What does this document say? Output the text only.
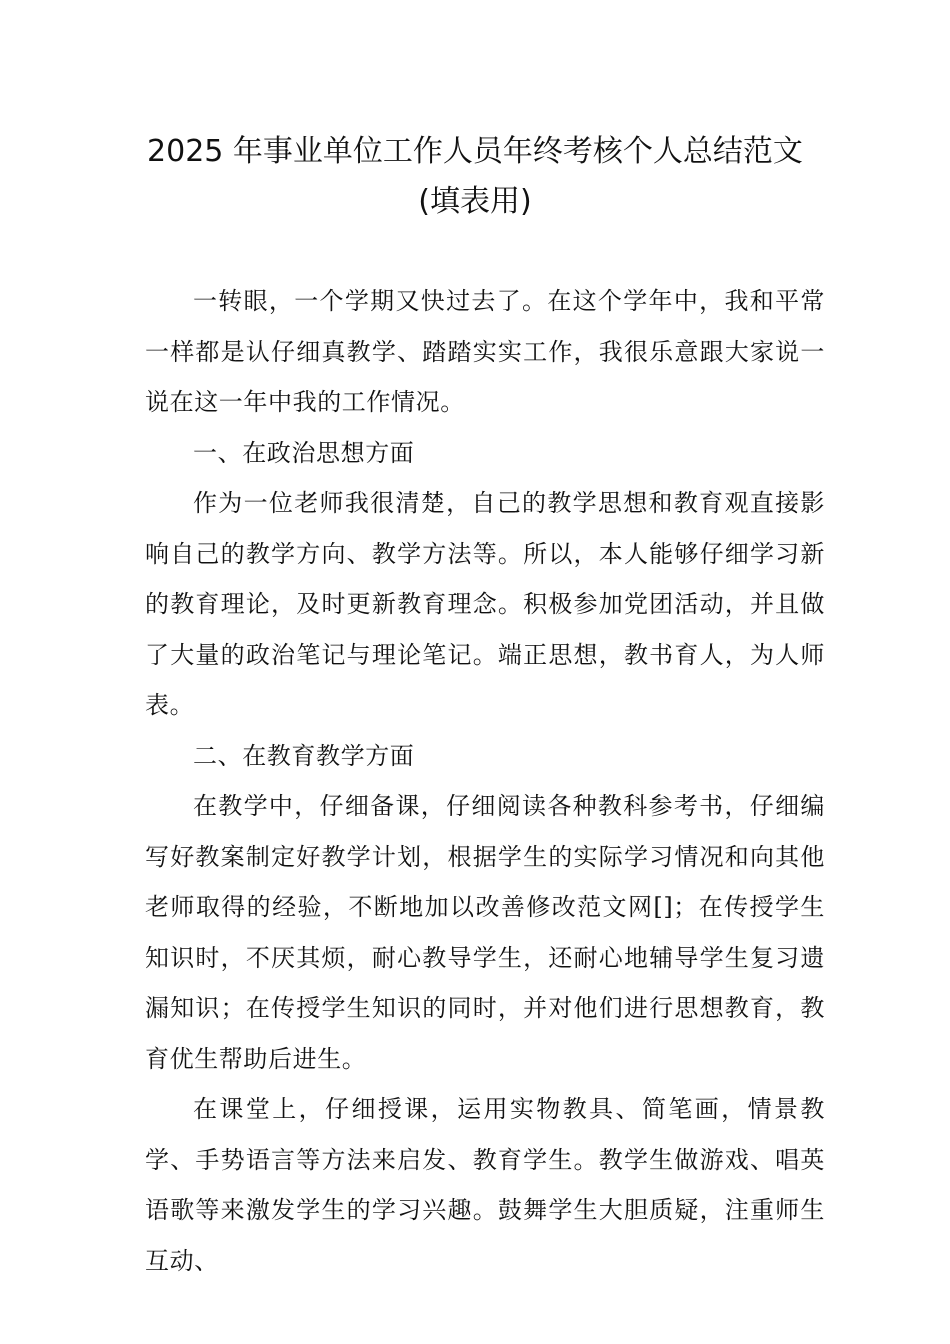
2025 年事业单位工作人员年终考核个人总结范文
(填表用)

一转眼，一个学期又快过去了。在这个学年中，我和平常一样都是认仔细真教学、踏踏实实工作，我很乐意跟大家说一说在这一年中我的工作情况。

一、在政治思想方面

作为一位老师我很清楚，自己的教学思想和教育观直接影响自己的教学方向、教学方法等。所以，本人能够仔细学习新的教育理论，及时更新教育理念。积极参加党团活动，并且做了大量的政治笔记与理论笔记。端正思想，教书育人，为人师表。

二、在教育教学方面

在教学中，仔细备课，仔细阅读各种教科参考书，仔细编写好教案制定好教学计划，根据学生的实际学习情况和向其他老师取得的经验，不断地加以改善修改范文网[]；在传授学生知识时，不厌其烦，耐心教导学生，还耐心地辅导学生复习遗漏知识；在传授学生知识的同时，并对他们进行思想教育，教育优生帮助后进生。

在课堂上，仔细授课，运用实物教具、简笔画，情景教学、手势语言等方法来启发、教育学生。教学生做游戏、唱英语歌等来激发学生的学习兴趣。鼓舞学生大胆质疑，注重师生互动、
